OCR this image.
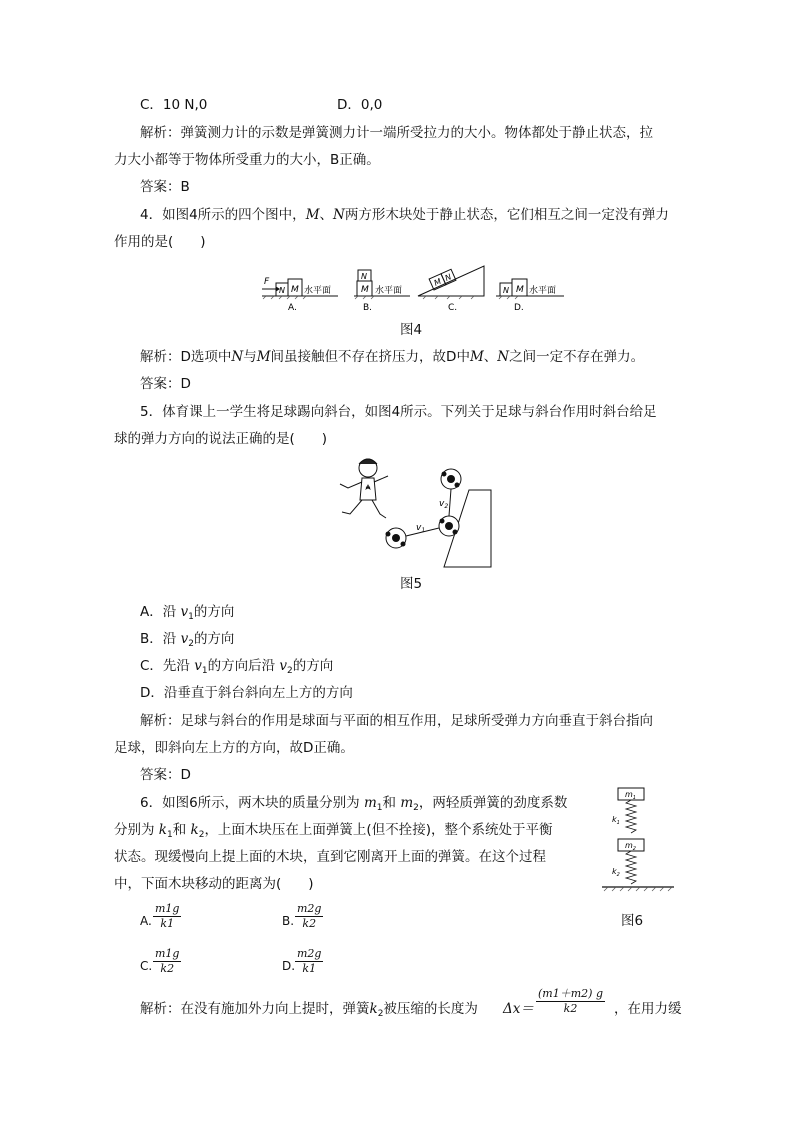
C．10 N,0	D．0,0
解析：弹簧测力计的示数是弹簧测力计一端所受拉力的大小。物体都处于静止状态，拉
力大小都等于物体所受重力的大小，B正确。
答案：B
4．如图4所示的四个图中，M、N两方形木块处于静止状态，它们相互之间一定没有弹力
作用的是(　　)
F
N M 水平面
A.
N
M 水平面
B.
M N
C.
N M 水平面
D.
图4
解析：D选项中N与M间虽接触但不存在挤压力，故D中M、N之间一定不存在弹力。
答案：D
5．体育课上一学生将足球踢向斜台，如图4所示。下列关于足球与斜台作用时斜台给足
球的弹力方向的说法正确的是(　　)
$v_1$
$v_2$
图5
A．沿 $v_1$的方向
B．沿 $v_2$的方向
C．先沿 $v_1$的方向后沿 $v_2$的方向
D．沿垂直于斜台斜向左上方的方向
解析：足球与斜台的作用是球面与平面的相互作用，足球所受弹力方向垂直于斜台指向
足球，即斜向左上方的方向，故D正确。
答案：D
6．如图6所示，两木块的质量分别为 $m_1$和 $m_2$，两轻质弹簧的劲度系数
分别为 $k_1$和 $k_2$，上面木块压在上面弹簧上(但不拴接)，整个系统处于平衡
状态。现缓慢向上提上面的木块，直到它刚离开上面的弹簧。在这个过程
中，下面木块移动的距离为(　　)
$m_1$
$k_1$
$m_2$
$k_2$
图6
A. $\frac{m1g}{k1}$	B. $\frac{m2g}{k2}$
C. $\frac{m1g}{k2}$	D. $\frac{m2g}{k1}$
解析：在没有施加外力向上提时，弹簧$k_2$被压缩的长度为 $\Delta x= \frac{(m1+m2) g}{k2}$ ，在用力缓
